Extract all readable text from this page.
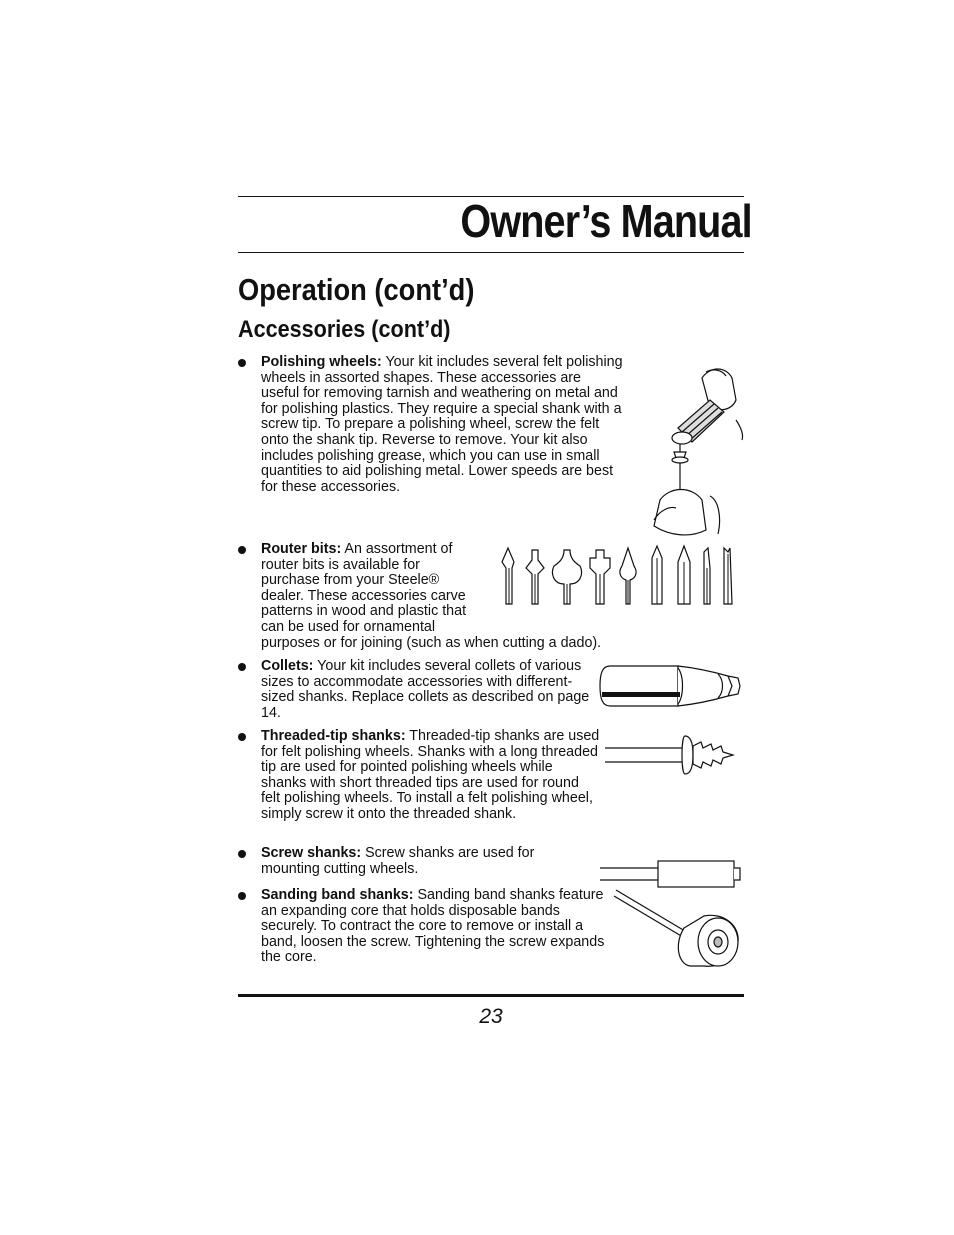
Owner’s Manual
Operation (cont’d)
Accessories (cont’d)
Polishing wheels: Your kit includes several felt polishing wheels in assorted shapes. These accessories are useful for removing tarnish and weathering on metal and for polishing plastics. They require a special shank with a screw tip. To prepare a polishing wheel, screw the felt onto the shank tip. Reverse to remove. Your kit also includes polishing grease, which you can use in small quantities to aid polishing metal. Lower speeds are best for these accessories.
Router bits: An assortment of router bits is available for purchase from your Steele® dealer. These accessories carve patterns in wood and plastic that can be used for ornamental purposes or for joining (such as when cutting a dado).
Collets: Your kit includes several collets of various sizes to accommodate accessories with different-sized shanks. Replace collets as described on page 14.
Threaded-tip shanks: Threaded-tip shanks are used for felt polishing wheels. Shanks with a long threaded tip are used for pointed polishing wheels while shanks with short threaded tips are used for round felt polishing wheels. To install a felt polishing wheel, simply screw it onto the threaded shank.
Screw shanks: Screw shanks are used for mounting cutting wheels.
Sanding band shanks: Sanding band shanks feature an expanding core that holds disposable bands securely. To contract the core to remove or install a band, loosen the screw. Tightening the screw expands the core.
23
